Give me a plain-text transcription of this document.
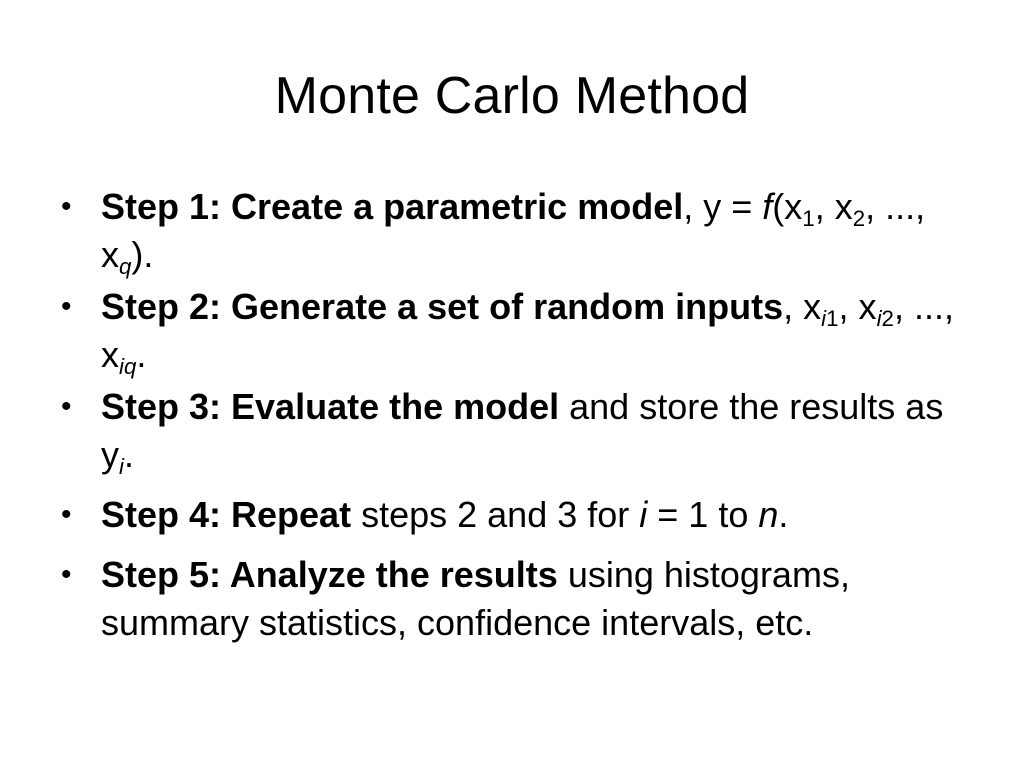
Monte Carlo Method
• Step 1: Create a parametric model, $y = f(x_1$, $x_2$, ..., $x_q$).
• Step 2: Generate a set of random inputs, $x_{i1}$, $x_{i2}$, ..., $x_{iq}$.
• Step 3: Evaluate the model and store the results as $y_i$.
• Step 4: Repeat steps 2 and 3 for i = 1 to n.
• Step 5: Analyze the results using histograms, summary statistics, confidence intervals, etc.
